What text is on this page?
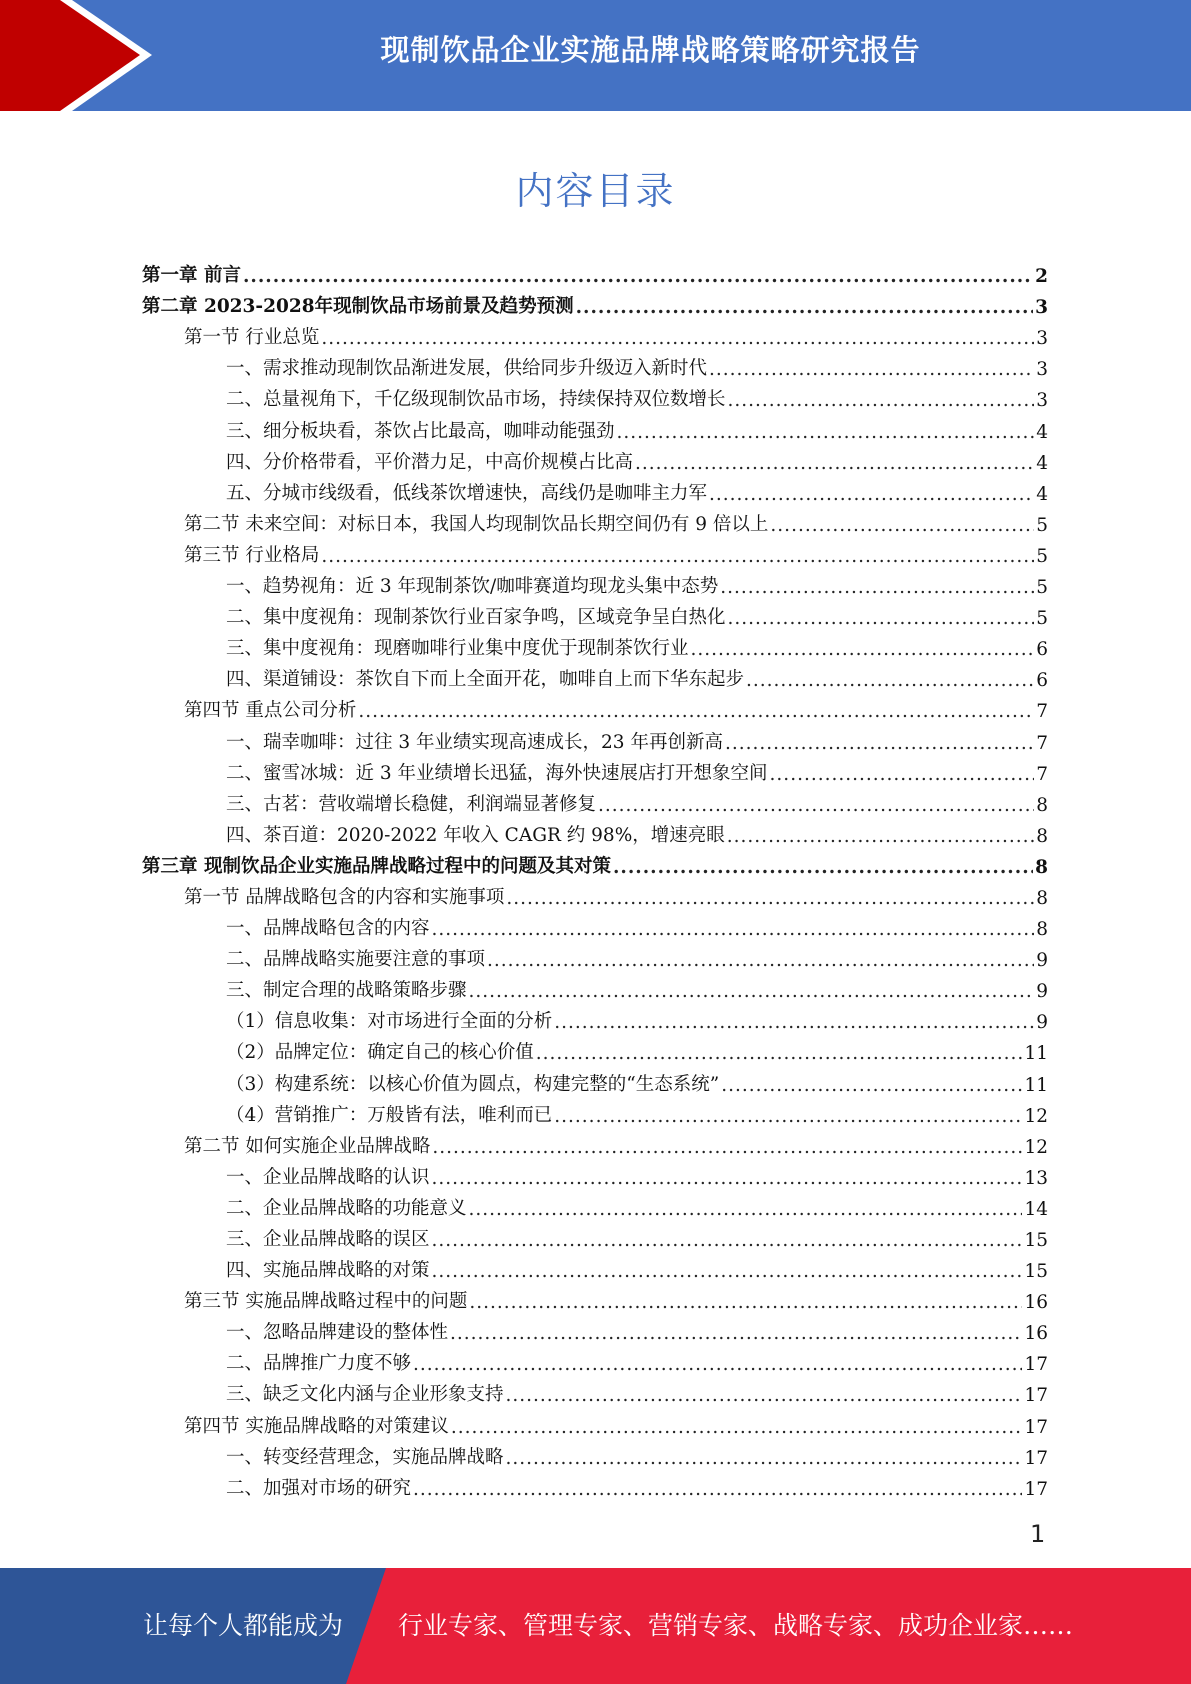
现制饮品企业实施品牌战略策略研究报告
内容目录
第一章 前言 .....	2
第二章 2023-2028年现制饮品市场前景及趋势预测 .....	3
第一节 行业总览 .....	3
一、需求推动现制饮品渐进发展，供给同步升级迈入新时代 .....	3
二、总量视角下，千亿级现制饮品市场，持续保持双位数增长 .....	3
三、细分板块看，茶饮占比最高，咖啡动能强劲 .....	4
四、分价格带看，平价潜力足，中高价规模占比高 .....	4
五、分城市线级看，低线茶饮增速快，高线仍是咖啡主力军 .....	4
第二节 未来空间：对标日本，我国人均现制饮品长期空间仍有 9 倍以上 .....	5
第三节 行业格局 .....	5
一、趋势视角：近 3 年现制茶饮/咖啡赛道均现龙头集中态势 .....	5
二、集中度视角：现制茶饮行业百家争鸣，区域竞争呈白热化 .....	5
三、集中度视角：现磨咖啡行业集中度优于现制茶饮行业 .....	6
四、渠道铺设：茶饮自下而上全面开花，咖啡自上而下华东起步 .....	6
第四节 重点公司分析 .....	7
一、瑞幸咖啡：过往 3 年业绩实现高速成长，23 年再创新高 .....	7
二、蜜雪冰城：近 3 年业绩增长迅猛，海外快速展店打开想象空间 .....	7
三、古茗：营收端增长稳健，利润端显著修复 .....	8
四、茶百道：2020-2022 年收入 CAGR 约 98%，增速亮眼 .....	8
第三章 现制饮品企业实施品牌战略过程中的问题及其对策 .....	8
第一节 品牌战略包含的内容和实施事项 .....	8
一、品牌战略包含的内容 .....	8
二、品牌战略实施要注意的事项 .....	9
三、制定合理的战略策略步骤 .....	9
（1）信息收集：对市场进行全面的分析 .....	9
（2）品牌定位：确定自己的核心价值 .....	11
（3）构建系统：以核心价值为圆点，构建完整的“生态系统” .....	11
（4）营销推广：万般皆有法，唯利而已 .....	12
第二节 如何实施企业品牌战略 .....	12
一、企业品牌战略的认识 .....	13
二、企业品牌战略的功能意义 .....	14
三、企业品牌战略的误区 .....	15
四、实施品牌战略的对策 .....	15
第三节 实施品牌战略过程中的问题 .....	16
一、忽略品牌建设的整体性 .....	16
二、品牌推广力度不够 .....	17
三、缺乏文化内涵与企业形象支持 .....	17
第四节 实施品牌战略的对策建议 .....	17
一、转变经营理念，实施品牌战略 .....	17
二、加强对市场的研究 .....	17
1
让每个人都能成为 行业专家、管理专家、营销专家、战略专家、成功企业家……
